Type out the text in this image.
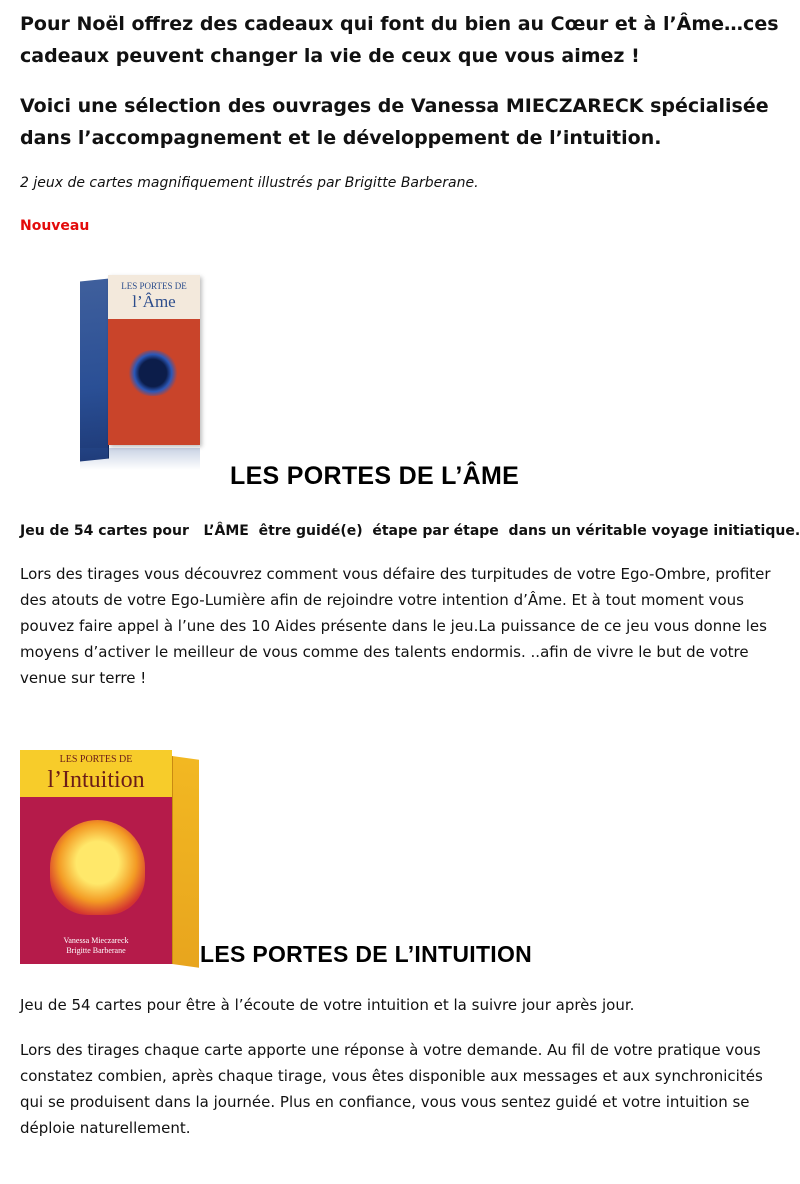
Pour Noël offrez des cadeaux qui font du bien au Cœur et à l’Âme…ces cadeaux peuvent changer la vie de ceux que vous aimez !

Voici une sélection des ouvrages de Vanessa MIECZARECK spécialisée dans l’accompagnement et le développement de l’intuition.

2 jeux de cartes magnifiquement illustrés par Brigitte Barberane.

Nouveau

LES PORTES DE
l’Âme
LES PORTES DE L’ÂME

Jeu de 54 cartes pour   L’ÂME  être guidé(e)  étape par étape  dans un véritable voyage initiatique.

Lors des tirages vous découvrez comment vous défaire des turpitudes de votre Ego-Ombre, profiter des atouts de votre Ego-Lumière afin de rejoindre votre intention d’Âme. Et à tout moment vous pouvez faire appel à l’une des 10 Aides présente dans le jeu.La puissance de ce jeu vous donne les moyens d’activer le meilleur de vous comme des talents endormis. ..afin de vivre le but de votre venue sur terre !

LES PORTES DE
l’Intuition
Vanessa Mieczareck
Brigitte Barberane	LES PORTES DE L’INTUITION

Jeu de 54 cartes pour être à l’écoute de votre intuition et la suivre jour après jour.

Lors des tirages chaque carte apporte une réponse à votre demande. Au fil de votre pratique vous constatez combien, après chaque tirage, vous êtes disponible aux messages et aux synchronicités qui se produisent dans la journée. Plus en confiance, vous vous sentez guidé et votre intuition se déploie naturellement.
